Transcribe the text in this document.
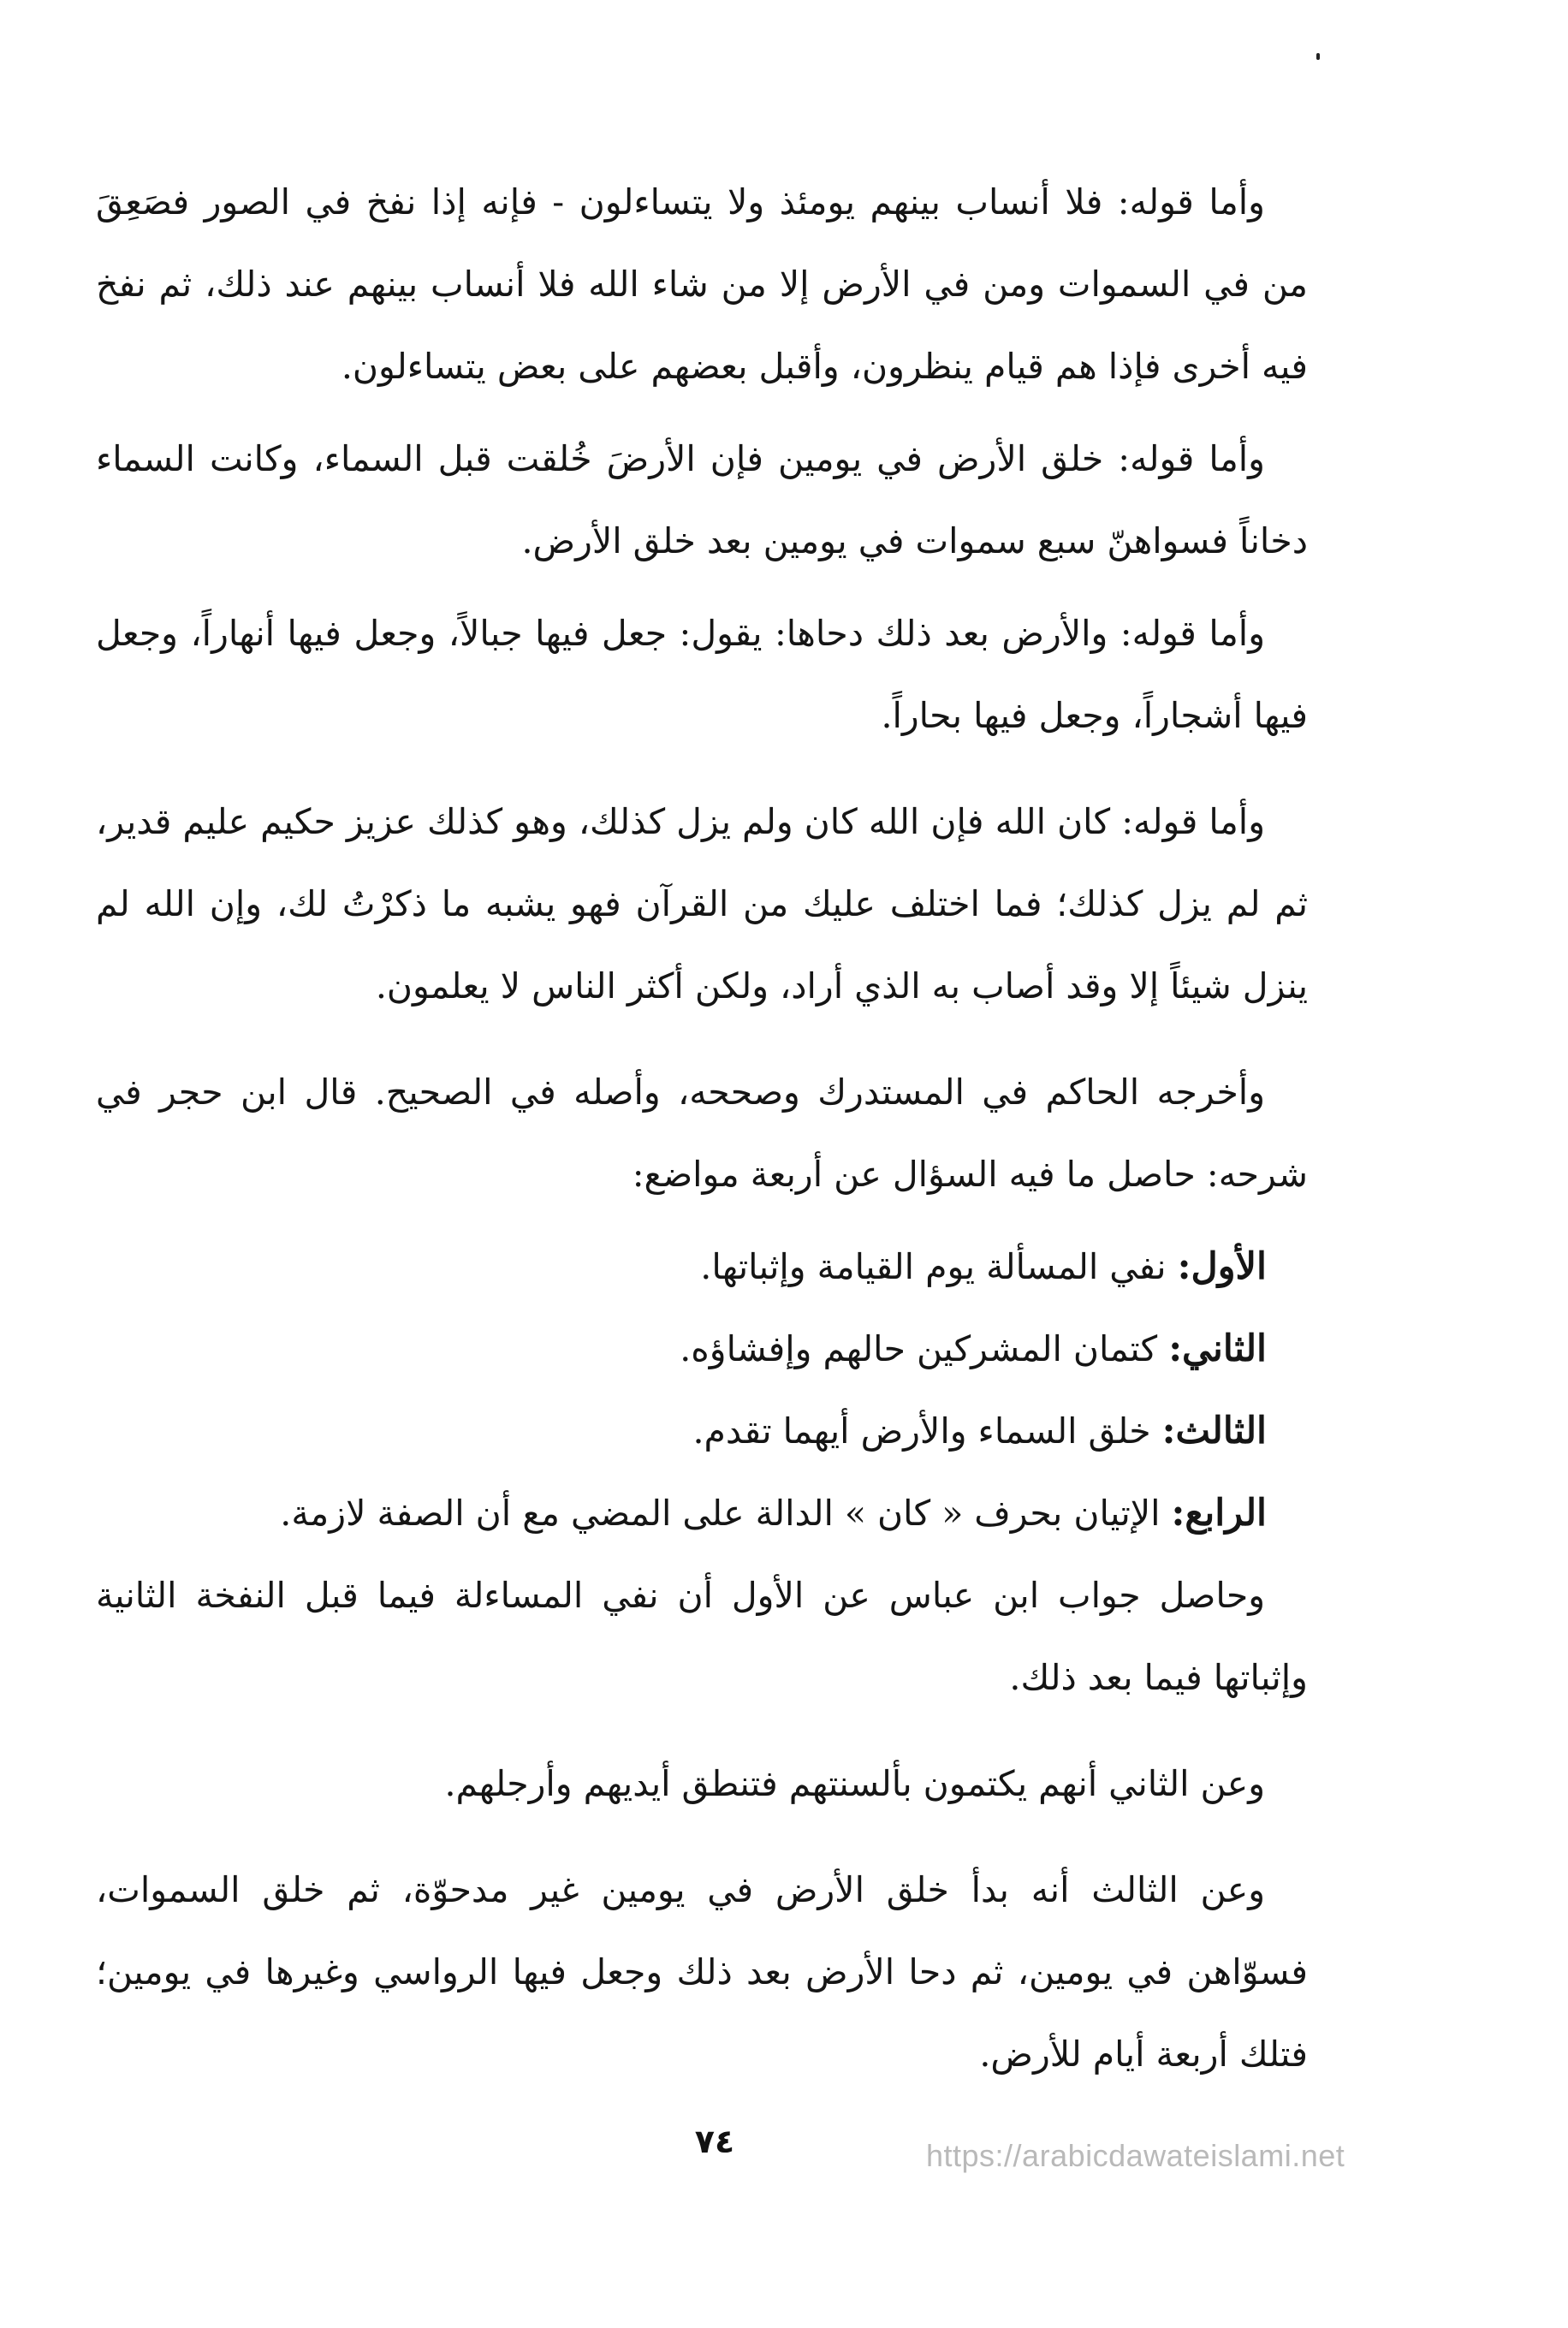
وأما قوله: فلا أنساب بينهم يومئذ ولا يتساءلون - فإنه إذا نفخ في الصور فصَعِقَ من في السموات ومن في الأرض إلا من شاء الله فلا أنساب بينهم عند ذلك، ثم نفخ فيه أخرى فإذا هم قيام ينظرون، وأقبل بعضهم على بعض يتساءلون.

وأما قوله: خلق الأرض في يومين فإن الأرضَ خُلقت قبل السماء، وكانت السماء دخاناً فسواهنّ سبع سموات في يومين بعد خلق الأرض.

وأما قوله: والأرض بعد ذلك دحاها: يقول: جعل فيها جبالاً، وجعل فيها أنهاراً، وجعل فيها أشجاراً، وجعل فيها بحاراً.

وأما قوله: كان الله فإن الله كان ولم يزل كذلك، وهو كذلك عزيز حكيم عليم قدير، ثم لم يزل كذلك؛ فما اختلف عليك من القرآن فهو يشبه ما ذكرْتُ لك، وإن الله لم ينزل شيئاً إلا وقد أصاب به الذي أراد، ولكن أكثر الناس لا يعلمون.

وأخرجه الحاكم في المستدرك وصححه، وأصله في الصحيح. قال ابن حجر في شرحه: حاصل ما فيه السؤال عن أربعة مواضع:

الأول: نفي المسألة يوم القيامة وإثباتها.

الثاني: كتمان المشركين حالهم وإفشاؤه.

الثالث: خلق السماء والأرض أيهما تقدم.

الرابع: الإتيان بحرف « كان » الدالة على المضي مع أن الصفة لازمة.

وحاصل جواب ابن عباس عن الأول أن نفي المساءلة فيما قبل النفخة الثانية وإثباتها فيما بعد ذلك.

وعن الثاني أنهم يكتمون بألسنتهم فتنطق أيديهم وأرجلهم.

وعن الثالث أنه بدأ خلق الأرض في يومين غير مدحوّة، ثم خلق السموات، فسوّاهن في يومين، ثم دحا الأرض بعد ذلك وجعل فيها الرواسي وغيرها في يومين؛ فتلك أربعة أيام للأرض.

٧٤	https://arabicdawateislami.net
